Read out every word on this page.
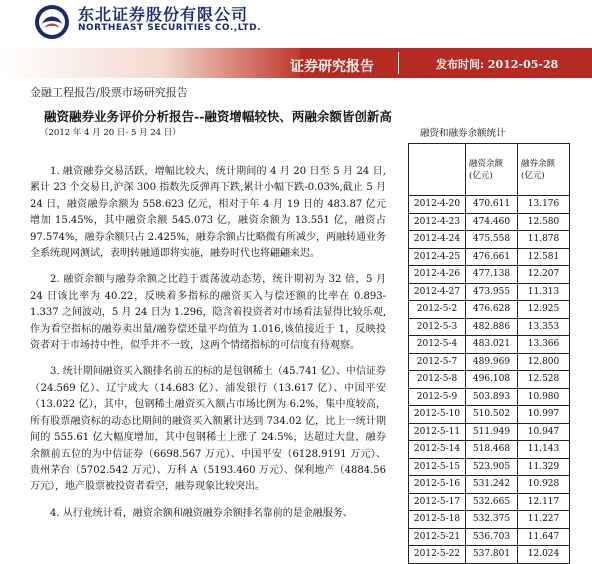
东北证券股份有限公司
NORTHEAST SECURITIES CO.,LTD.
证券研究报告	发布时间: 2012-05-28
金融工程报告/股票市场研究报告
融资融券业务评价分析报告--融资增幅较快、两融余额皆创新高
（2012 年 4 月 20 日- 5 月 24 日）

1. 融资融券交易活跃，增幅比较大，统计期间的 4 月 20 日至 5 月 24 日,累计 23 个交易日,沪深 300 指数先反弹再下跌,累计小幅下跌-0.03%,截止 5 月 24 日，融资融券余额为 558.623 亿元，相对于年 4 月 19 日的 483.87 亿元增加 15.45%，其中融资余额 545.073 亿，融资余额为 13.551 亿，融资占 97.574%，融券余额只占 2.425%，融券余额占比略微有所减少，两融转通业务全系统现网测试，表明转融通即将实施，融券时代也将翩翩来迟。

2. 融资余额与融券余额之比趋于震荡波动态势，统计期初为 32 倍，5 月 24 日该比率为 40.22，反映着多指标的融资买入与偿还额的比率在 0.893-1.337 之间波动，5 月 24 日为 1.296，隐含着投资者对市场看法显得比较乐观,作为看空指标的融券卖出量/融券偿还量平均值为 1.016,该值接近于 1，反映投资者对于市场持中性，似乎并不一致，这两个情绪指标的可信度有待观察。

3. 统计期间融资买入额排名前五的标的是包钢稀土（45.741 亿）、中信证券（24.569 亿）、辽宁成大（14.683 亿）、浦发银行（13.617 亿）、中国平安（13.022 亿），其中，包钢稀土融资买入额占市场比例为 6.2%，集中度较高，所有股票融资标的动态比期间的融资买入额累计达到 734.02 亿，比上一统计期间的 555.61 亿大幅度增加，其中包钢稀土上涨了 24.5%，达超过大盘，融券余额前五位的为中信证券（6698.567 万元）、中国平安（6128.9191 万元）、贵州茅台（5702.542 万元）、万科 A（5193.460 万元）、保利地产（4884.56 万元），地产股票被投资者看空，融券现象比较突出。

4. 从行业统计看，融资余额和融资融券余额排名靠前的是金融服务、

融资和融券余额统计
	融资余额(亿元)	融券余额(亿元)
2012-4-20	470.611	13.176
2012-4-23	474.460	12.580
2012-4-24	475.558	11.878
2012-4-25	476.661	12.581
2012-4-26	477.138	12.207
2012-4-27	473.955	11.313
2012-5-2	476.628	12.925
2012-5-3	482.886	13.353
2012-5-4	483.021	13.366
2012-5-7	489.969	12.800
2012-5-8	496.108	12.528
2012-5-9	503.893	10.980
2012-5-10	510.502	10.997
2012-5-11	511.949	10.947
2012-5-14	518.468	11.143
2012-5-15	523.905	11.329
2012-5-16	531.242	10.928
2012-5-17	532.665	12.117
2012-5-18	532.375	11.227
2012-5-21	536.703	11.647
2012-5-22	537.801	12.024
